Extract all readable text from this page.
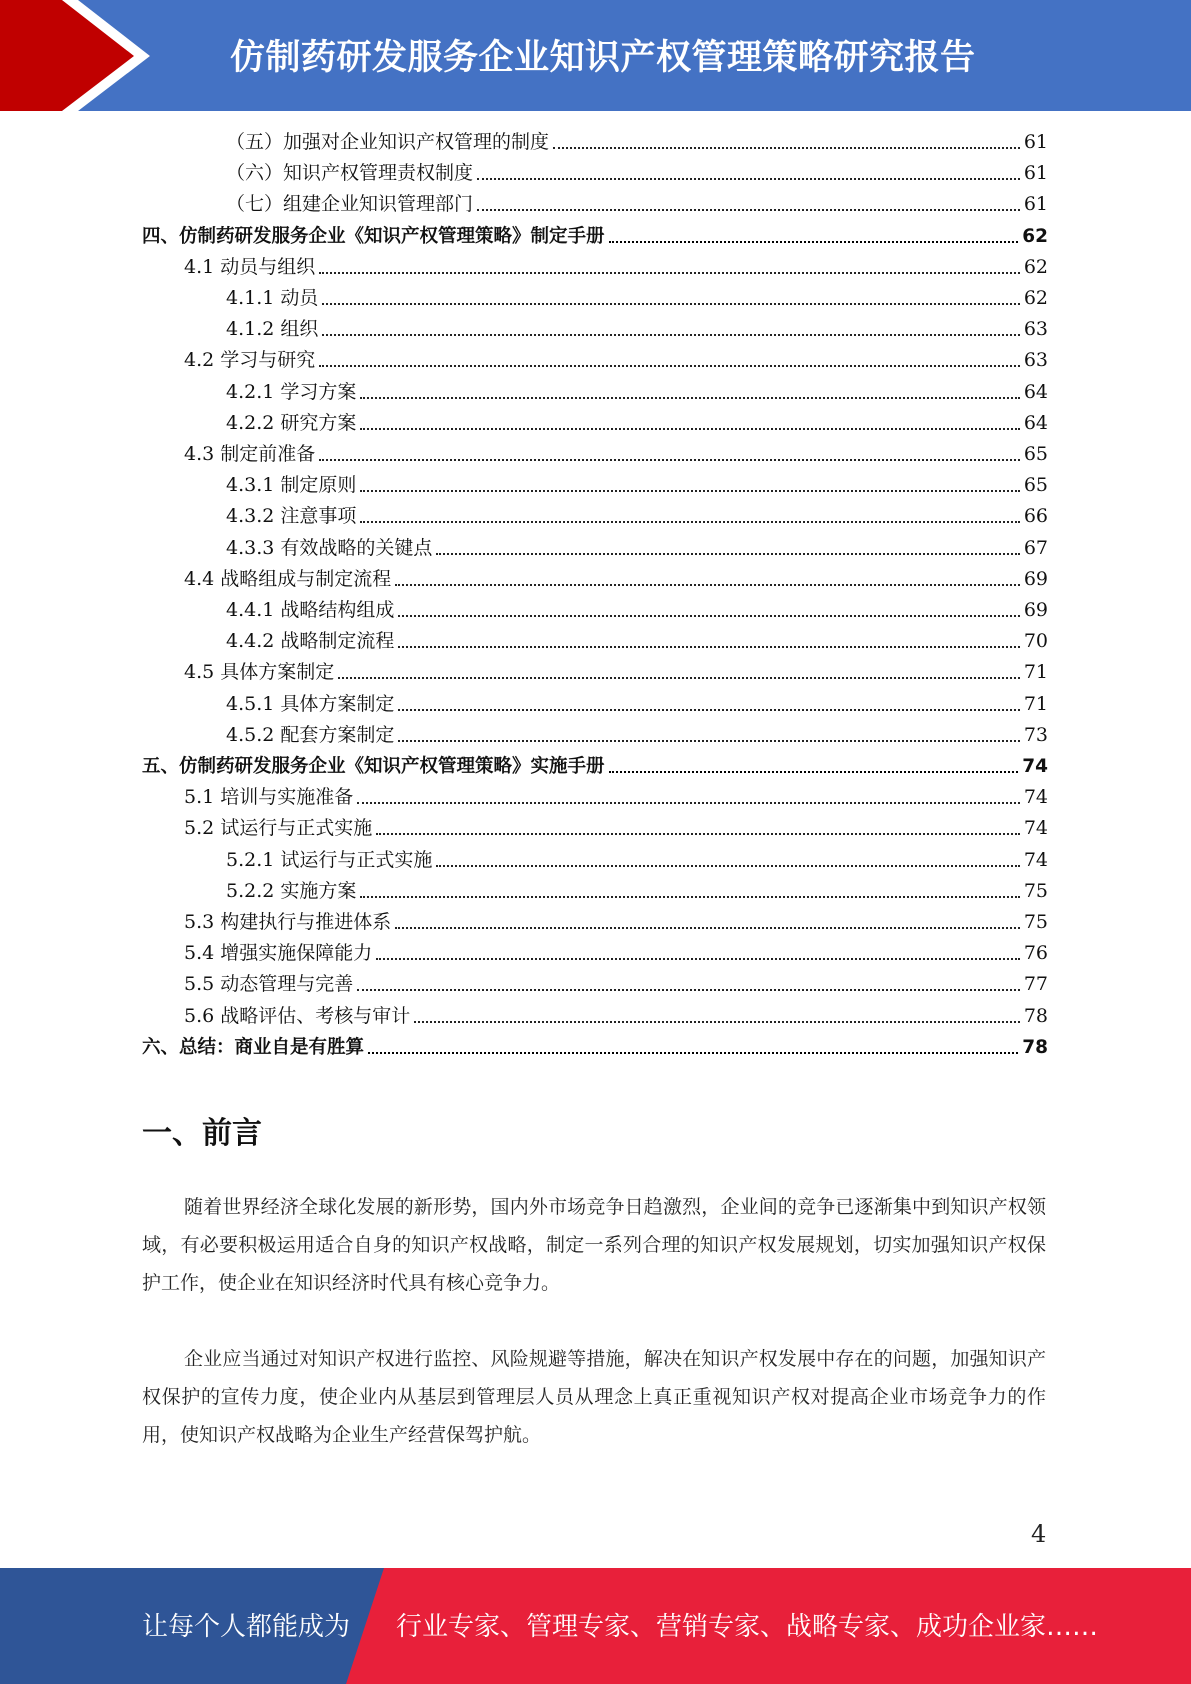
仿制药研发服务企业知识产权管理策略研究报告
（五）加强对企业知识产权管理的制度	61
（六）知识产权管理责权制度	61
（七）组建企业知识管理部门	61
四、仿制药研发服务企业《知识产权管理策略》制定手册	62
4.1 动员与组织	62
4.1.1 动员	62
4.1.2 组织	63
4.2 学习与研究	63
4.2.1 学习方案	64
4.2.2 研究方案	64
4.3 制定前准备	65
4.3.1 制定原则	65
4.3.2 注意事项	66
4.3.3 有效战略的关键点	67
4.4 战略组成与制定流程	69
4.4.1 战略结构组成	69
4.4.2 战略制定流程	70
4.5 具体方案制定	71
4.5.1 具体方案制定	71
4.5.2 配套方案制定	73
五、仿制药研发服务企业《知识产权管理策略》实施手册	74
5.1 培训与实施准备	74
5.2 试运行与正式实施	74
5.2.1 试运行与正式实施	74
5.2.2 实施方案	75
5.3 构建执行与推进体系	75
5.4 增强实施保障能力	76
5.5 动态管理与完善	77
5.6 战略评估、考核与审计	78
六、总结：商业自是有胜算	78
一、前言

随着世界经济全球化发展的新形势，国内外市场竞争日趋激烈，企业间的竞争已逐渐集中到知识产权领域，有必要积极运用适合自身的知识产权战略，制定一系列合理的知识产权发展规划，切实加强知识产权保护工作，使企业在知识经济时代具有核心竞争力。

企业应当通过对知识产权进行监控、风险规避等措施，解决在知识产权发展中存在的问题，加强知识产权保护的宣传力度，使企业内从基层到管理层人员从理念上真正重视知识产权对提高企业市场竞争力的作用，使知识产权战略为企业生产经营保驾护航。

4
让每个人都能成为 行业专家、管理专家、营销专家、战略专家、成功企业家……
